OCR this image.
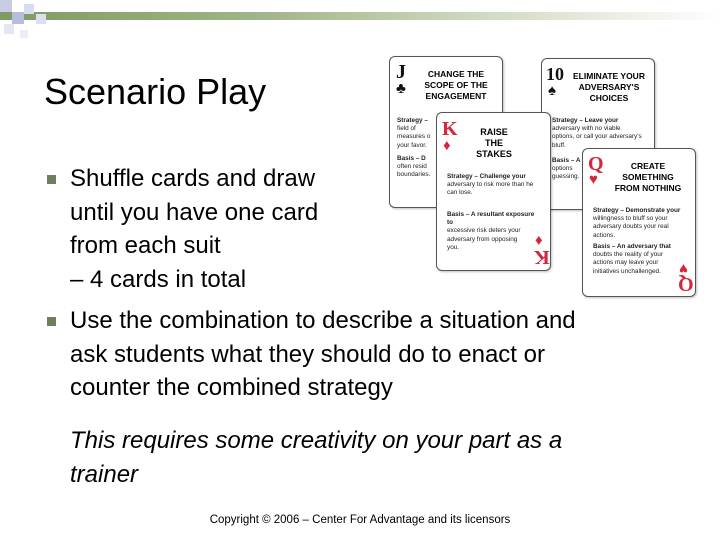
Scenario Play
Shuffle cards and draw
until you have one card
from each suit
– 4 cards in total
Use the combination to describe a situation and
ask students what they should do to enact or
counter the combined strategy
This requires some creativity on your part as a
trainer
Copyright © 2006 – Center For Advantage and its licensors
J
♣
CHANGE THE
SCOPE OF THE
ENGAGEMENT
Strategy –
field of
measures o
your favor.
Basis – D
often resid
boundaries.
10
♠
ELIMINATE YOUR
ADVERSARY'S
CHOICES
Strategy – Leave your
adversary with no viable
options, or call your adversary's
bluff.
Basis – A
options
guessing.
K
♦
RAISE
THE
STAKES
Strategy – Challenge your
adversary to risk more than he
can lose.
Basis – A resultant exposure to
excessive risk deters your
adversary from opposing
you.	♦
K
Q
♥
CREATE
SOMETHING
FROM NOTHING
Strategy – Demonstrate your
willingness to bluff so your
adversary doubts your real
actions.
Basis – An adversary that
doubts the reality of your
actions may leave your
initiatives unchallenged.	♥
Q
